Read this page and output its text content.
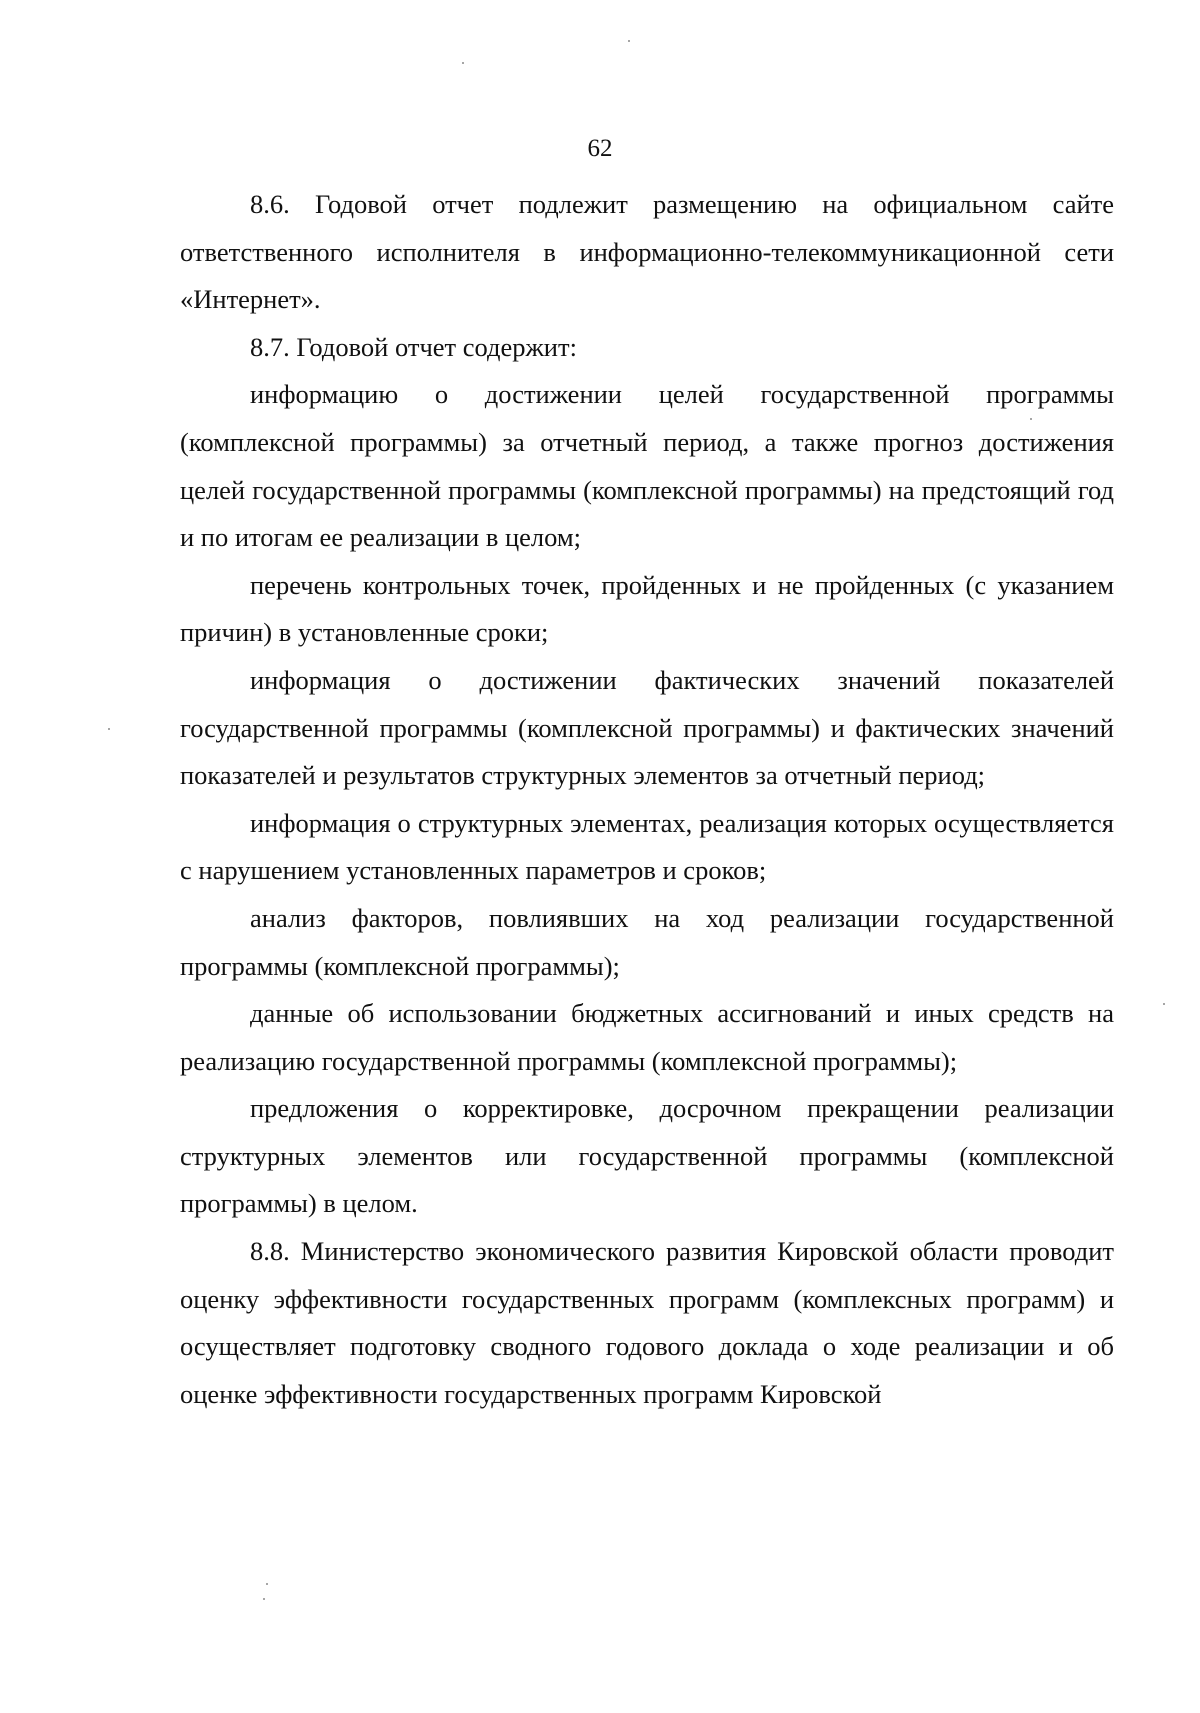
62

8.6. Годовой отчет подлежит размещению на официальном сайте ответственного исполнителя в информационно-телекоммуникационной сети «Интернет».

8.7. Годовой отчет содержит:

информацию о достижении целей государственной программы (комплексной программы) за отчетный период, а также прогноз достижения целей государственной программы (комплексной программы) на предстоящий год и по итогам ее реализации в целом;

перечень контрольных точек, пройденных и не пройденных (с указанием причин) в установленные сроки;

информация о достижении фактических значений показателей государственной программы (комплексной программы) и фактических значений показателей и результатов структурных элементов за отчетный период;

информация о структурных элементах, реализация которых осуществляется с нарушением установленных параметров и сроков;

анализ факторов, повлиявших на ход реализации государственной программы (комплексной программы);

данные об использовании бюджетных ассигнований и иных средств на реализацию государственной программы (комплексной программы);

предложения о корректировке, досрочном прекращении реализации структурных элементов или государственной программы (комплексной программы) в целом.

8.8. Министерство экономического развития Кировской области проводит оценку эффективности государственных программ (комплексных программ) и осуществляет подготовку сводного годового доклада о ходе реализации и об оценке эффективности государственных программ Кировской
